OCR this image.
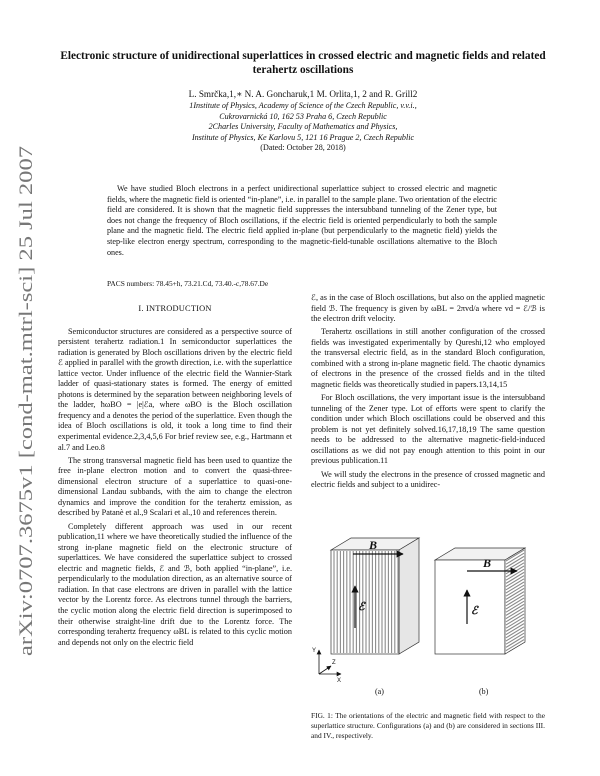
arXiv:0707.3675v1 [cond-mat.mtrl-sci] 25 Jul 2007
Electronic structure of unidirectional superlattices in crossed electric and magnetic fields and related terahertz oscillations
L. Smrčka,1,∗ N. A. Goncharuk,1 M. Orlita,1, 2 and R. Grill2
1Institute of Physics, Academy of Science of the Czech Republic, v.v.i.,
Cukrovarnická 10, 162 53 Praha 6, Czech Republic
2Charles University, Faculty of Mathematics and Physics,
Institute of Physics, Ke Karlovu 5, 121 16 Prague 2, Czech Republic
(Dated: October 28, 2018)
We have studied Bloch electrons in a perfect unidirectional superlattice subject to crossed electric and magnetic fields, where the magnetic field is oriented “in-plane”, i.e. in parallel to the sample plane. Two orientation of the electric field are considered. It is shown that the magnetic field suppresses the intersubband tunneling of the Zener type, but does not change the frequency of Bloch oscillations, if the electric field is oriented perpendicularly to both the sample plane and the magnetic field. The electric field applied in-plane (but perpendicularly to the magnetic field) yields the step-like electron energy spectrum, corresponding to the magnetic-field-tunable oscillations alternative to the Bloch ones.
PACS numbers: 78.45+h, 73.21.Cd, 73.40.-c,78.67.De
I. INTRODUCTION

Semiconductor structures are considered as a perspective source of persistent terahertz radiation.1 In semiconductor superlattices the radiation is generated by Bloch oscillations driven by the electric field ℰ applied in parallel with the growth direction, i.e. with the superlattice lattice vector. Under influence of the electric field the Wannier-Stark ladder of quasi-stationary states is formed. The energy of emitted photons is determined by the separation between neighboring levels of the ladder, ħωBO = |e|ℰa, where ωBO is the Bloch oscillation frequency and a denotes the period of the superlattice. Even though the idea of Bloch oscillations is old, it took a long time to find their experimental evidence.2,3,4,5,6 For brief review see, e.g., Hartmann et al.7 and Leo.8

The strong transversal magnetic field has been used to quantize the free in-plane electron motion and to convert the quasi-three-dimensional electron structure of a superlattice to quasi-one-dimensional Landau subbands, with the aim to change the electron dynamics and improve the condition for the terahertz emission, as described by Patanè et al.,9 Scalari et al.,10 and references therein.

Completely different approach was used in our recent publication,11 where we have theoretically studied the influence of the strong in-plane magnetic field on the electronic structure of superlattices. We have considered the superlattice subject to crossed electric and magnetic fields, ℰ and ℬ, both applied “in-plane”, i.e. perpendicularly to the modulation direction, as an alternative source of radiation. In that case electrons are driven in parallel with the lattice vector by the Lorentz force. As electrons tunnel through the barriers, the cyclic motion along the electric field direction is superimposed to their otherwise straight-line drift due to the Lorentz force. The corresponding terahertz frequency ωBL is related to this cyclic motion and depends not only on the electric field

ℰ, as in the case of Bloch oscillations, but also on the applied magnetic field ℬ. The frequency is given by ωBL = 2πvd/a where vd = ℰ/ℬ is the electron drift velocity.

Terahertz oscillations in still another configuration of the crossed fields was investigated experimentally by Qureshi,12 who employed the transversal electric field, as in the standard Bloch configuration, combined with a strong in-plane magnetic field. The chaotic dynamics of electrons in the presence of the crossed fields and in the tilted magnetic fields was theoretically studied in papers.13,14,15

For Bloch oscillations, the very important issue is the intersubband tunneling of the Zener type. Lot of efforts were spent to clarify the condition under which Bloch oscillations could be observed and this problem is not yet definitely solved.16,17,18,19 The same question needs to be addressed to the alternative magnetic-field-induced oscillations as we did not pay enough attention to this point in our previous publication.11

We will study the electrons in the presence of crossed magnetic and electric fields and subject to a unidirec-

B
ℰ
Y
X
Z
B
ℰ
(a)	(b)
FIG. 1: The orientations of the electric and magnetic field with respect to the superlattice structure. Configurations (a) and (b) are considered in sections III. and IV., respectively.
